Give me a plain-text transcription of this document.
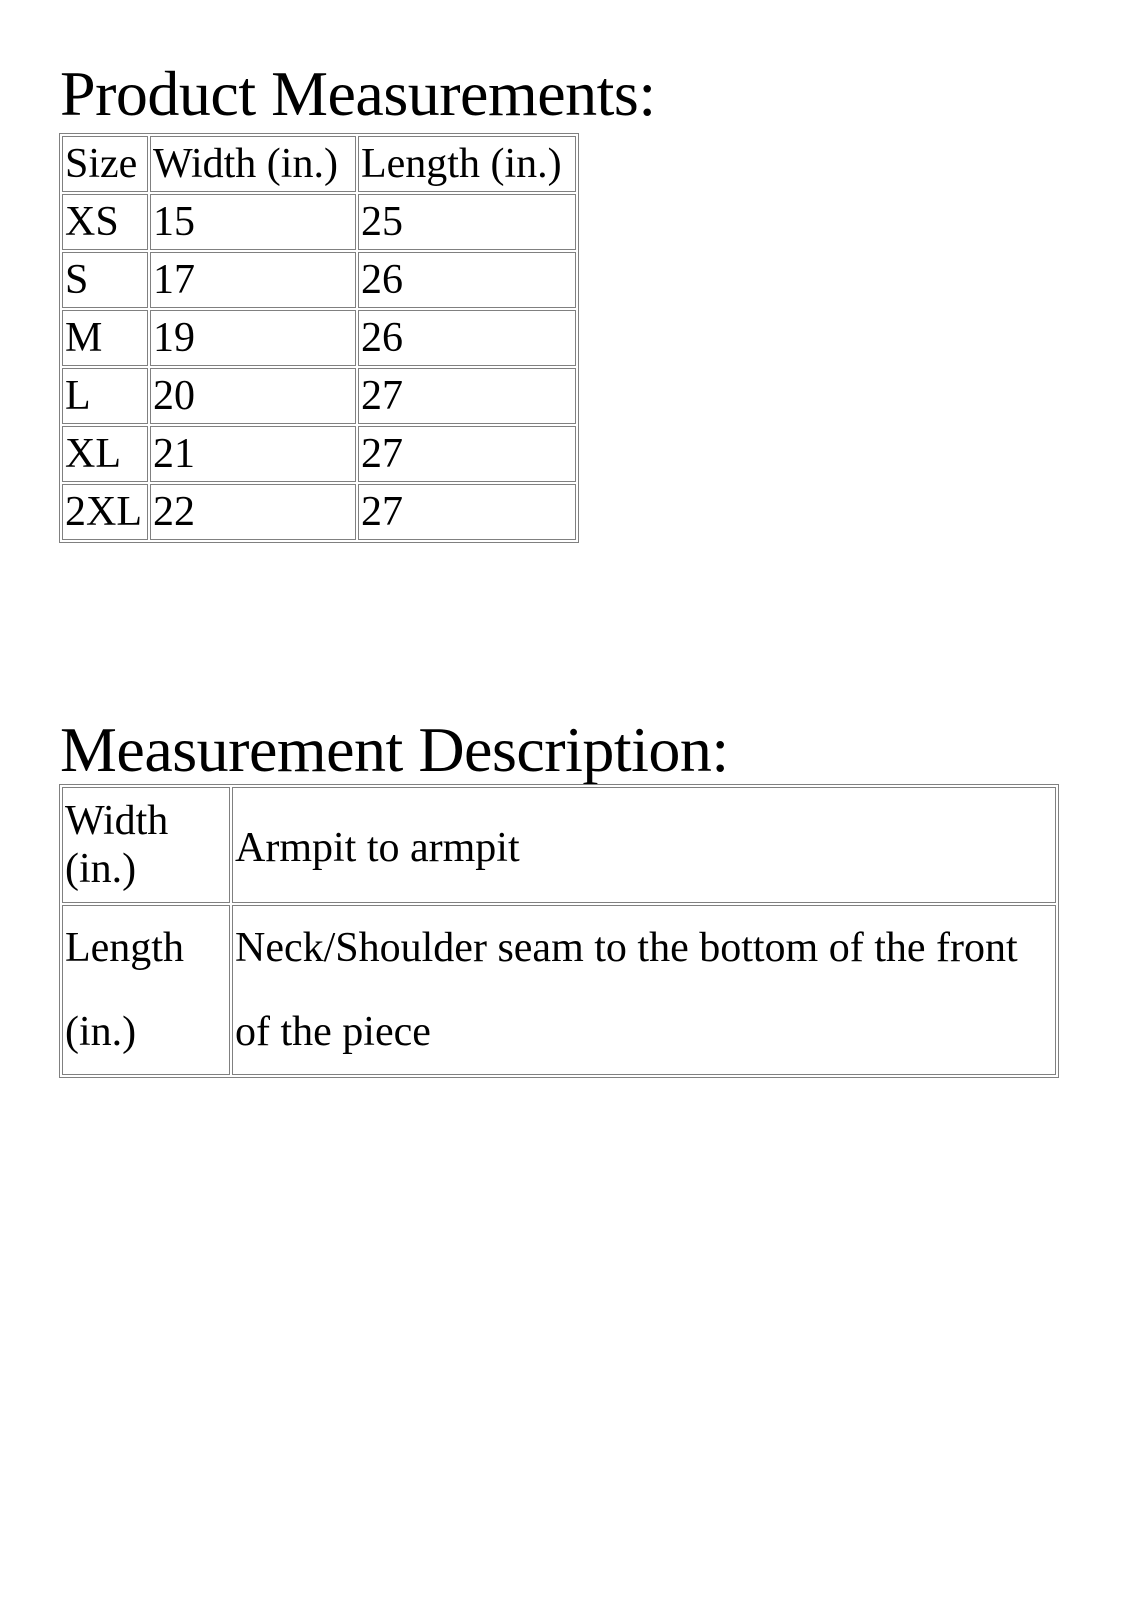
Product Measurements:
Size	Width (in.)	Length (in.)
XS	15	25
S	17	26
M	19	26
L	20	27
XL	21	27
2XL	22	27
Measurement Description:
Width (in.)	Armpit to armpit
Length (in.)	Neck/Shoulder seam to the bottom of the front of the piece
